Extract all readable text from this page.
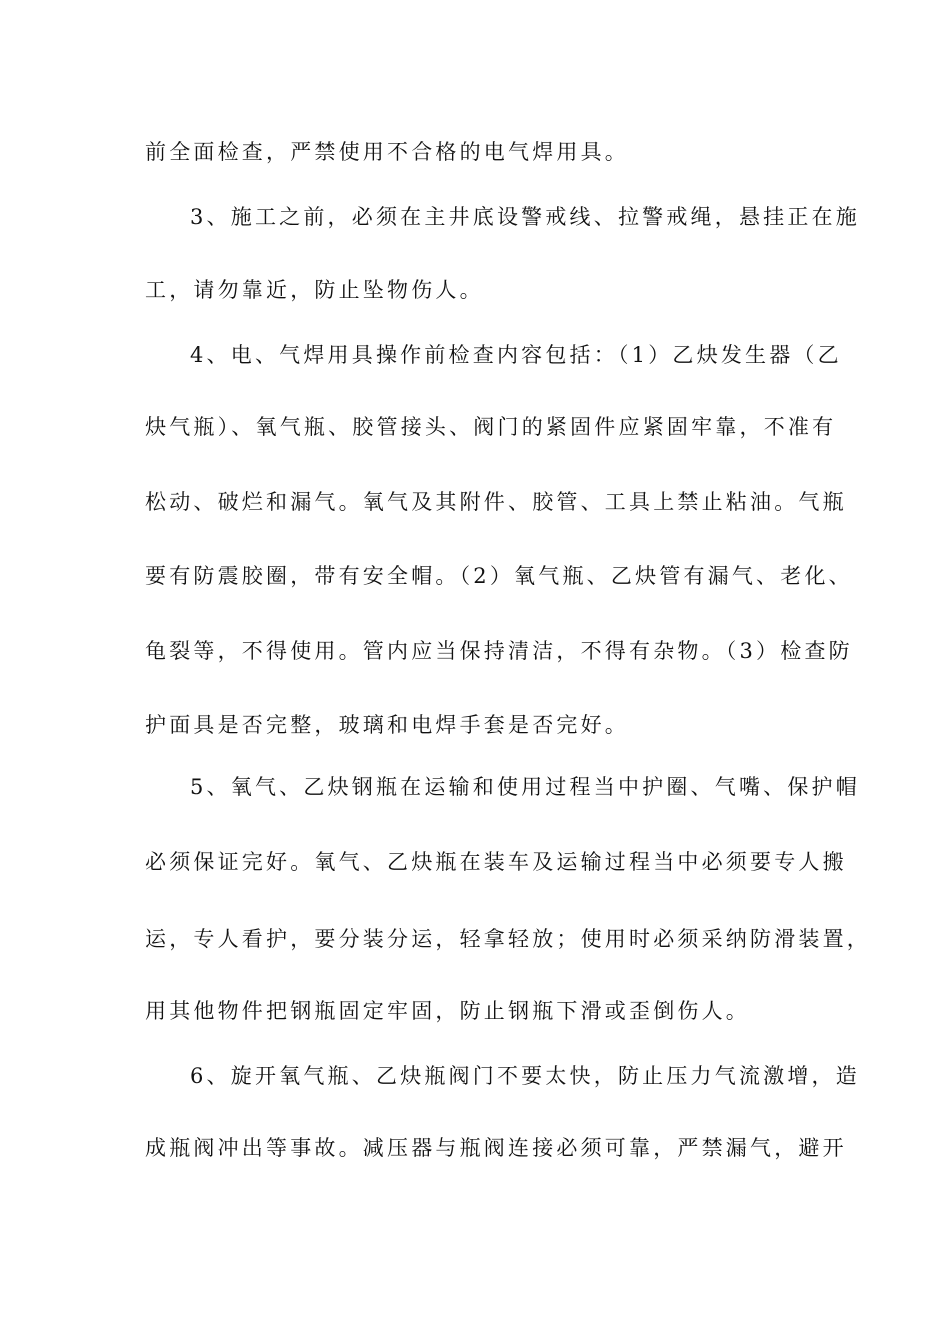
前全面检查，严禁使用不合格的电气焊用具。
3、施工之前，必须在主井底设警戒线、拉警戒绳，悬挂正在施
工，请勿靠近，防止坠物伤人。
4、电、气焊用具操作前检查内容包括：（1）乙炔发生器（乙
炔气瓶）、氧气瓶、胶管接头、阀门的紧固件应紧固牢靠，不准有
松动、破烂和漏气。氧气及其附件、胶管、工具上禁止粘油。气瓶
要有防震胶圈，带有安全帽。（2）氧气瓶、乙炔管有漏气、老化、
龟裂等，不得使用。管内应当保持清洁，不得有杂物。（3）检查防
护面具是否完整，玻璃和电焊手套是否完好。
5、氧气、乙炔钢瓶在运输和使用过程当中护圈、气嘴、保护帽
必须保证完好。氧气、乙炔瓶在装车及运输过程当中必须要专人搬
运，专人看护，要分装分运，轻拿轻放；使用时必须采纳防滑装置，
用其他物件把钢瓶固定牢固，防止钢瓶下滑或歪倒伤人。
6、旋开氧气瓶、乙炔瓶阀门不要太快，防止压力气流激增，造
成瓶阀冲出等事故。减压器与瓶阀连接必须可靠，严禁漏气，避开
